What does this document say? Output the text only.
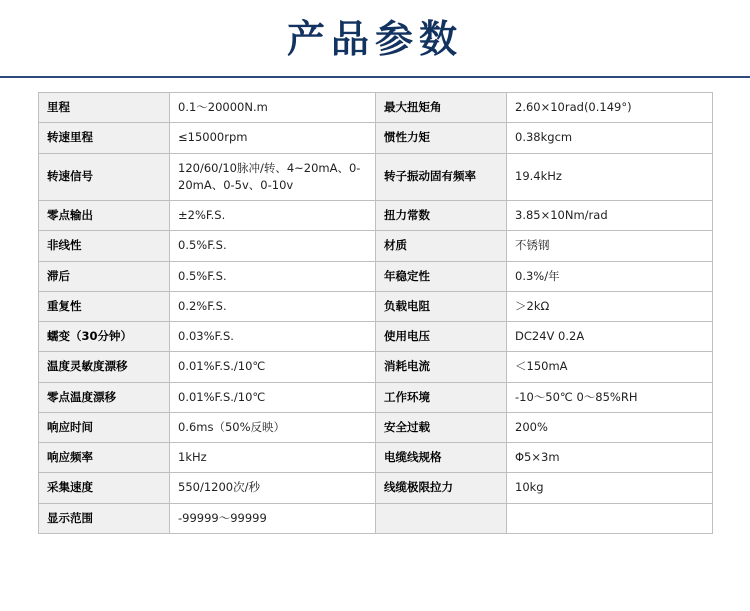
产品参数
里程	0.1～20000N.m	最大扭矩角	2.60×10rad(0.149°)
转速里程	≤15000rpm	惯性力矩	0.38kgcm
转速信号	120/60/10脉冲/转、4~20mA、0-20mA、0-5v、0-10v	转子振动固有频率	19.4kHz
零点输出	±2%F.S.	扭力常数	3.85×10Nm/rad
非线性	0.5%F.S.	材质	不锈钢
滞后	0.5%F.S.	年稳定性	0.3%/年
重复性	0.2%F.S.	负载电阻	＞2kΩ
蠕变（30分钟）	0.03%F.S.	使用电压	DC24V 0.2A
温度灵敏度漂移	0.01%F.S./10℃	消耗电流	＜150mA
零点温度漂移	0.01%F.S./10℃	工作环境	-10～50℃ 0～85%RH
响应时间	0.6ms（50%反映）	安全过载	200%
响应频率	1kHz	电缆线规格	Φ5×3m
采集速度	550/1200次/秒	线缆极限拉力	10kg
显示范围	-99999～99999		
